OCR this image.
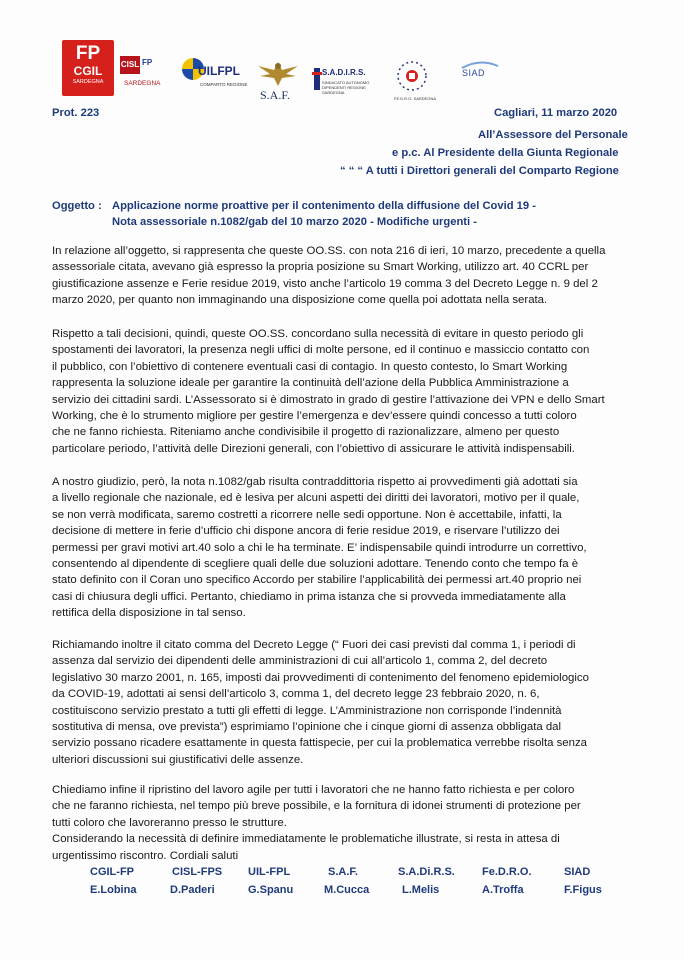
FP
CGIL
SARDEGNA
CISL FP
SARDEGNA
UILFPL
COMPARTO REGIONE
S.A.F.
S.A.D.I.R.S.
SINDACATO AUTONOMO DIPENDENTI REGIONE SARDEGNA
FE.D.R.O. SARDEGNA
SIAD
Prot. 223	Cagliari, 11 marzo 2020
All’Assessore del Personale
e p.c. Al Presidente della Giunta Regionale
“ “ “ A tutti i Direttori generali del Comparto Regione
Oggetto : Applicazione norme proattive per il contenimento della diffusione del Covid 19 -
Nota assessoriale n.1082/gab del 10 marzo 2020 - Modifiche urgenti -
In relazione all’oggetto, si rappresenta che queste OO.SS. con nota 216 di ieri, 10 marzo, precedente a quella
assessoriale citata, avevano già espresso la propria posizione su Smart Working, utilizzo art. 40 CCRL per
giustificazione assenze e Ferie residue 2019, visto anche l’articolo 19 comma 3 del Decreto Legge n. 9 del 2
marzo 2020, per quanto non immaginando una disposizione come quella poi adottata nella serata.
Rispetto a tali decisioni, quindi, queste OO.SS. concordano sulla necessità di evitare in questo periodo gli
spostamenti dei lavoratori, la presenza negli uffici di molte persone, ed il continuo e massiccio contatto con
il pubblico, con l’obiettivo di contenere eventuali casi di contagio. In questo contesto, lo Smart Working
rappresenta la soluzione ideale per garantire la continuità dell’azione della Pubblica Amministrazione a
servizio dei cittadini sardi. L’Assessorato si è dimostrato in grado di gestire l’attivazione dei VPN e dello Smart
Working, che è lo strumento migliore per gestire l’emergenza e dev’essere quindi concesso a tutti coloro
che ne fanno richiesta. Riteniamo anche condivisibile il progetto di razionalizzare, almeno per questo
particolare periodo, l’attività delle Direzioni generali, con l’obiettivo di assicurare le attività indispensabili.
A nostro giudizio, però, la nota n.1082/gab risulta contraddittoria rispetto ai provvedimenti già adottati sia
a livello regionale che nazionale, ed è lesiva per alcuni aspetti dei diritti dei lavoratori, motivo per il quale,
se non verrà modificata, saremo costretti a ricorrere nelle sedi opportune. Non è accettabile, infatti, la
decisione di mettere in ferie d’ufficio chi dispone ancora di ferie residue 2019, e riservare l’utilizzo dei
permessi per gravi motivi art.40 solo a chi le ha terminate. E’ indispensabile quindi introdurre un correttivo,
consentendo al dipendente di scegliere quali delle due soluzioni adottare. Tenendo conto che tempo fa è
stato definito con il Coran uno specifico Accordo per stabilire l’applicabilità dei permessi art.40 proprio nei
casi di chiusura degli uffici. Pertanto, chiediamo in prima istanza che si provveda immediatamente alla
rettifica della disposizione in tal senso.
Richiamando inoltre il citato comma del Decreto Legge (“ Fuori dei casi previsti dal comma 1, i periodi di
assenza dal servizio dei dipendenti delle amministrazioni di cui all’articolo 1, comma 2, del decreto
legislativo 30 marzo 2001, n. 165, imposti dai provvedimenti di contenimento del fenomeno epidemiologico
da COVID-19, adottati ai sensi dell’articolo 3, comma 1, del decreto legge 23 febbraio 2020, n. 6,
costituiscono servizio prestato a tutti gli effetti di legge. L’Amministrazione non corrisponde l’indennità
sostitutiva di mensa, ove prevista”) esprimiamo l’opinione che i cinque giorni di assenza obbligata dal
servizio possano ricadere esattamente in questa fattispecie, per cui la problematica verrebbe risolta senza
ulteriori discussioni sui giustificativi delle assenze.
Chiediamo infine il ripristino del lavoro agile per tutti i lavoratori che ne hanno fatto richiesta e per coloro
che ne faranno richiesta, nel tempo più breve possibile, e la fornitura di idonei strumenti di protezione per
tutti coloro che lavoreranno presso le strutture.
Considerando la necessità di definire immediatamente le problematiche illustrate, si resta in attesa di
urgentissimo riscontro. Cordiali saluti
CGIL-FP	CISL-FPS UIL-FPL	S.A.F.	S.A.Di.R.S. Fe.D.R.O.	SIAD
E.Lobina	D.Paderi	G.Spanu	M.Cucca	L.Melis	A.Troffa	F.Figus
